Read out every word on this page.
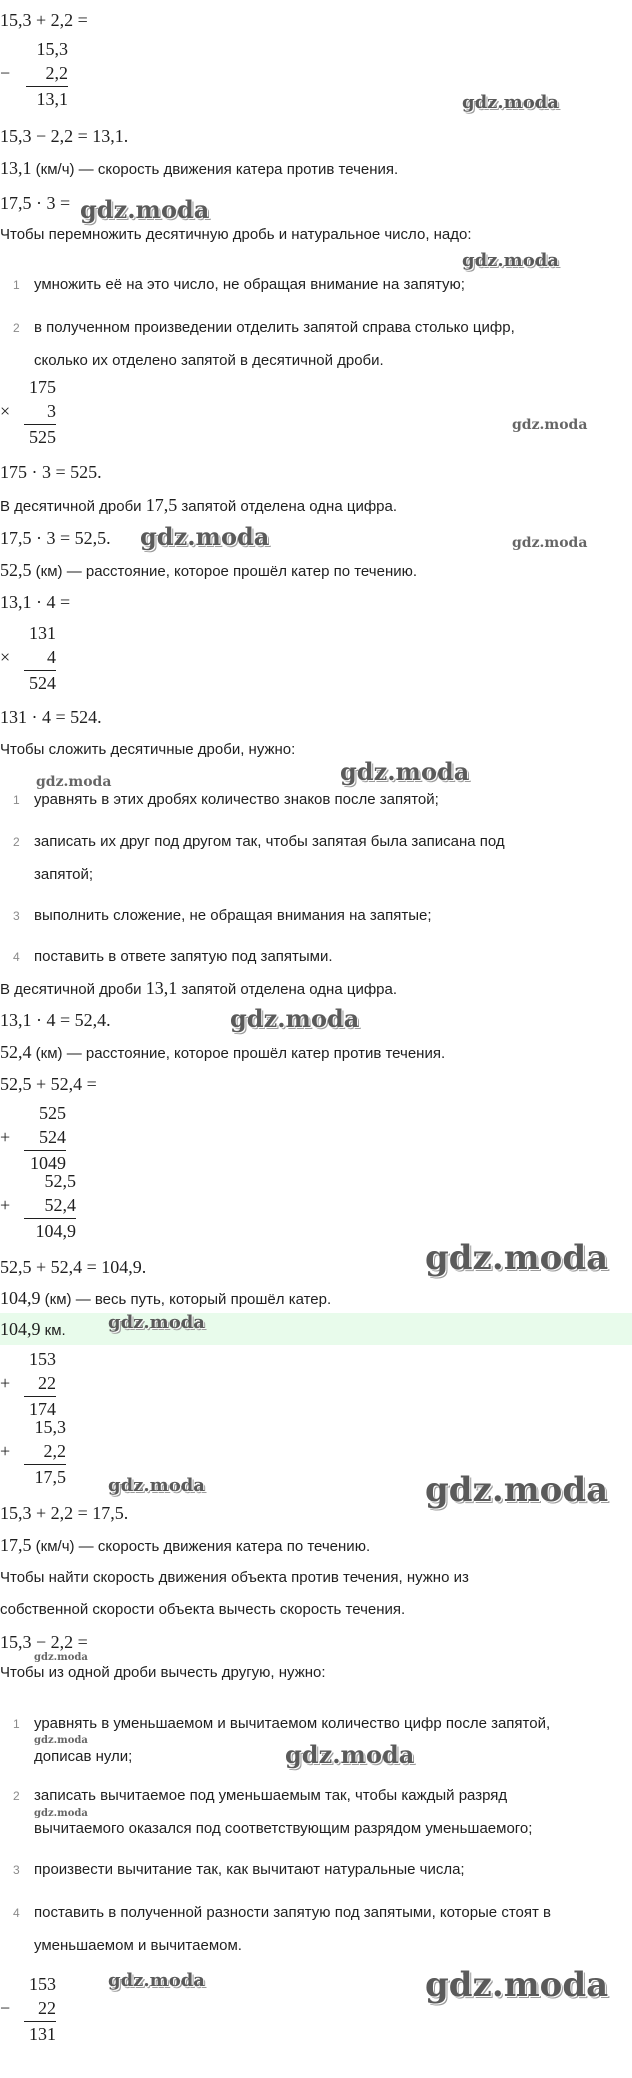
15,3 + 2,2 =
15,3
− 2,2
13,1
15,3 − 2,2 = 13,1.
13,1 (км/ч) — скорость движения катера против течения.
17,5 · 3 =
Чтобы перемножить десятичную дробь и натуральное число, надо:
1 умножить её на это число, не обращая внимание на запятую;
2 в полученном произведении отделить запятой справа столько цифр,
сколько их отделено запятой в десятичной дроби.
175
× 3
525
175 · 3 = 525.
В десятичной дроби 17,5 запятой отделена одна цифра.
17,5 · 3 = 52,5.
52,5 (км) — расстояние, которое прошёл катер по течению.
13,1 · 4 =
131
× 4
524
131 · 4 = 524.
Чтобы сложить десятичные дроби, нужно:
1 уравнять в этих дробях количество знаков после запятой;
2 записать их друг под другом так, чтобы запятая была записана под
запятой;
3 выполнить сложение, не обращая внимания на запятые;
4 поставить в ответе запятую под запятыми.
В десятичной дроби 13,1 запятой отделена одна цифра.
13,1 · 4 = 52,4.
52,4 (км) — расстояние, которое прошёл катер против течения.
52,5 + 52,4 =
525
+ 524
1049
52,5
+ 52,4
104,9
52,5 + 52,4 = 104,9.
104,9 (км) — весь путь, который прошёл катер.
104,9 км.
153
+ 22
174
15,3
+ 2,2
17,5
15,3 + 2,2 = 17,5.
17,5 (км/ч) — скорость движения катера по течению.
Чтобы найти скорость движения объекта против течения, нужно из
собственной скорости объекта вычесть скорость течения.
15,3 − 2,2 =
Чтобы из одной дроби вычесть другую, нужно:
1 уравнять в уменьшаемом и вычитаемом количество цифр после запятой,
дописав нули;
2 записать вычитаемое под уменьшаемым так, чтобы каждый разряд
вычитаемого оказался под соответствующим разрядом уменьшаемого;
3 произвести вычитание так, как вычитают натуральные числа;
4 поставить в полученной разности запятую под запятыми, которые стоят в
уменьшаемом и вычитаемом.
153
− 22
131
gdz.moda
gdz.moda
gdz.moda
gdz.moda
gdz.moda	gdz.moda
gdz.moda	gdz.moda
gdz.moda
gdz.moda
gdz.moda
gdz.moda	gdz.moda
gdz.moda
gdz.moda	gdz.moda
gdz.moda
gdz.moda	gdz.moda
